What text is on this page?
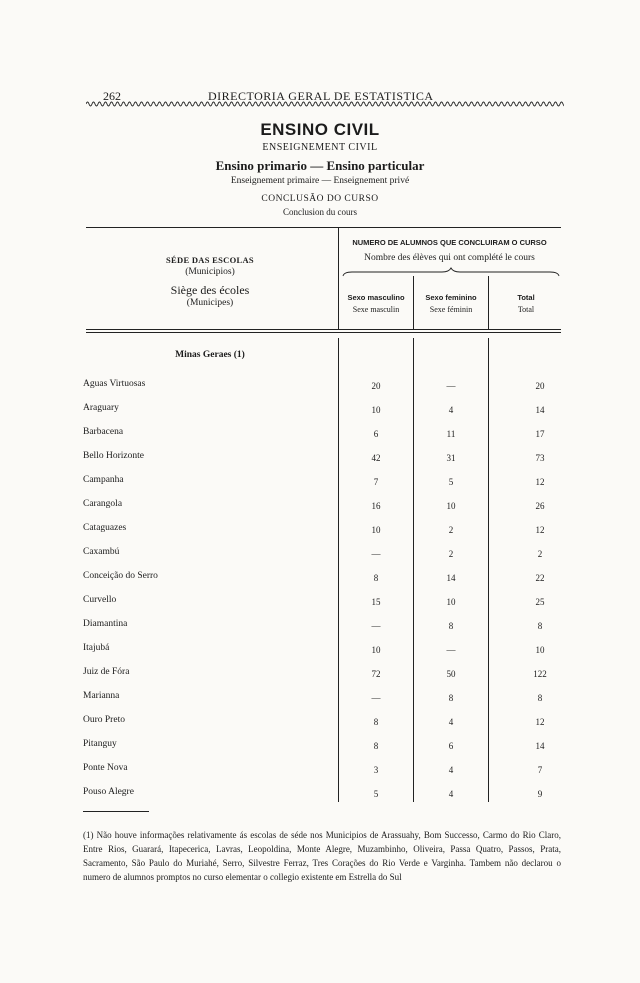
262	DIRECTORIA GERAL DE ESTATISTICA
ENSINO CIVIL
ENSEIGNEMENT CIVIL
Ensino primario — Ensino particular
Enseignement primaire — Enseignement privé
CONCLUSÃO DO CURSO
Conclusion du cours
SÉDE DAS ESCOLAS
(Municipios)
Siège des écoles
(Municipes)
NUMERO DE ALUMNOS QUE CONCLUIRAM O CURSO
Nombre des élèves qui ont complété le cours
Sexo masculino
Sexe masculin
Sexo feminino
Sexe féminin
Total
Total
Minas Geraes (1)
Aguas Virtuosas	20	—	20
Araguary	10	4	14
Barbacena	6	11	17
Bello Horizonte	42	31	73
Campanha	7	5	12
Carangola	16	10	26
Cataguazes	10	2	12
Caxambú	—	2	2
Conceição do Serro	8	14	22
Curvello	15	10	25
Diamantina	—	8	8
Itajubá	10	—	10
Juiz de Fóra	72	50	122
Marianna	—	8	8
Ouro Preto	8	4	12
Pitanguy	8	6	14
Ponte Nova	3	4	7
Pouso Alegre	5	4	9
(1) Não houve informações relativamente ás escolas de séde nos Municipios de Arassuahy, Bom Successo, Carmo do Rio Claro, Entre Rios, Guarará, Itapecerica, Lavras, Leopoldina, Monte Alegre, Muzambinho, Oliveira, Passa Quatro, Passos, Prata, Sacramento, São Paulo do Muriahé, Serro, Silvestre Ferraz, Tres Corações do Rio Verde e Varginha. Tambem não declarou o numero de alumnos promptos no curso elementar o collegio existente em Estrella do Sul
